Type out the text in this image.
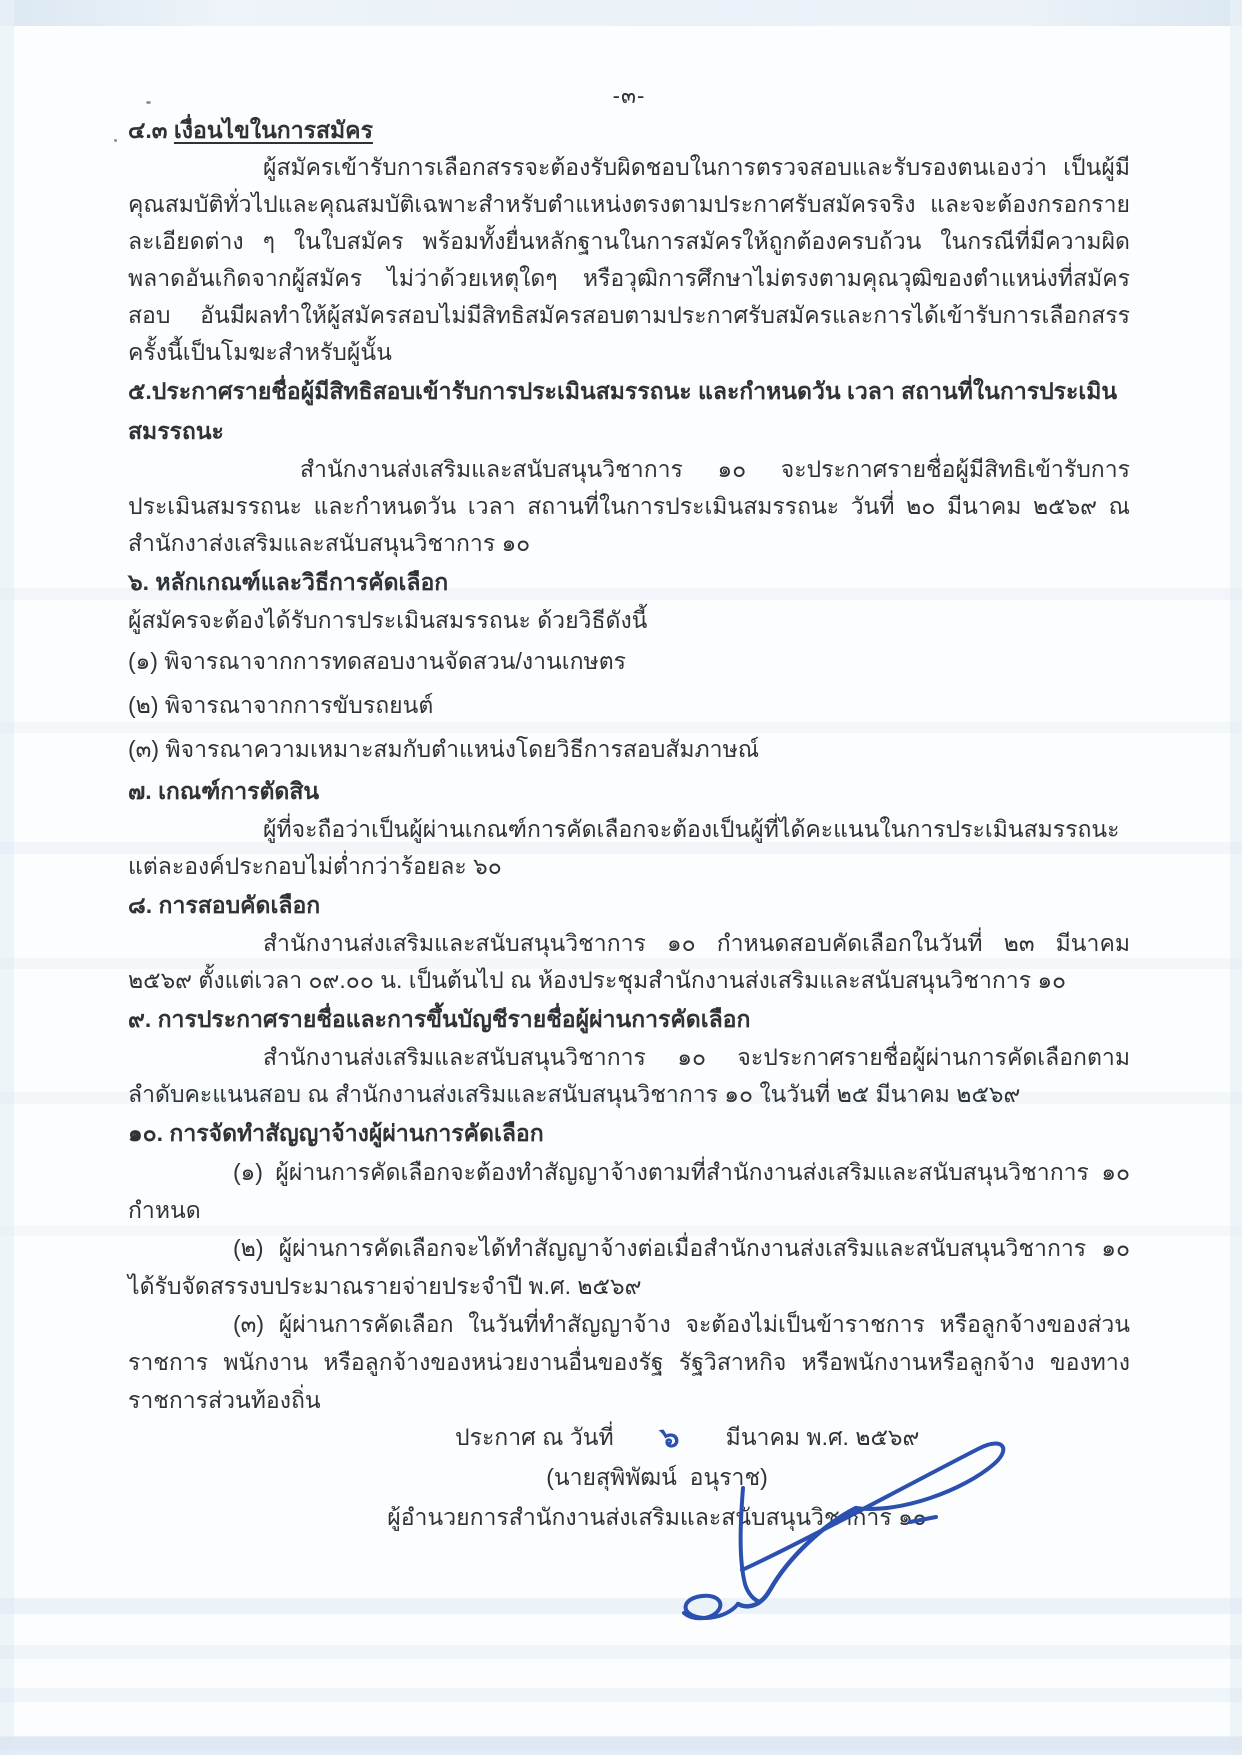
-๓-

๔.๓ เงื่อนไขในการสมัคร

ผู้สมัครเข้ารับการเลือกสรรจะต้องรับผิดชอบในการตรวจสอบและรับรองตนเองว่า เป็นผู้มีคุณสมบัติทั่วไปและคุณสมบัติเฉพาะสำหรับตำแหน่งตรงตามประกาศรับสมัครจริง และจะต้องกรอกรายละเอียดต่าง ๆ ในใบสมัคร พร้อมทั้งยื่นหลักฐานในการสมัครให้ถูกต้องครบถ้วน ในกรณีที่มีความผิดพลาดอันเกิดจากผู้สมัคร ไม่ว่าด้วยเหตุใดๆ หรือวุฒิการศึกษาไม่ตรงตามคุณวุฒิของตำแหน่งที่สมัครสอบ อันมีผลทำให้ผู้สมัครสอบไม่มีสิทธิสมัครสอบตามประกาศรับสมัครและการได้เข้ารับการเลือกสรรครั้งนี้เป็นโมฆะสำหรับผู้นั้น

๕.ประกาศรายชื่อผู้มีสิทธิสอบเข้ารับการประเมินสมรรถนะ และกำหนดวัน เวลา สถานที่ในการประเมินสมรรถนะ

สำนักงานส่งเสริมและสนับสนุนวิชาการ ๑๐ จะประกาศรายชื่อผู้มีสิทธิเข้ารับการประเมินสมรรถนะ และกำหนดวัน เวลา สถานที่ในการประเมินสมรรถนะ วันที่ ๒๐ มีนาคม ๒๕๖๙ ณ สำนักงาส่งเสริมและสนับสนุนวิชาการ ๑๐

๖. หลักเกณฑ์และวิธีการคัดเลือก

ผู้สมัครจะต้องได้รับการประเมินสมรรถนะ ด้วยวิธีดังนี้

(๑) พิจารณาจากการทดสอบงานจัดสวน/งานเกษตร

(๒) พิจารณาจากการขับรถยนต์

(๓) พิจารณาความเหมาะสมกับตำแหน่งโดยวิธีการสอบสัมภาษณ์

๗. เกณฑ์การตัดสิน

ผู้ที่จะถือว่าเป็นผู้ผ่านเกณฑ์การคัดเลือกจะต้องเป็นผู้ที่ได้คะแนนในการประเมินสมรรถนะแต่ละองค์ประกอบไม่ต่ำกว่าร้อยละ ๖๐

๘. การสอบคัดเลือก

สำนักงานส่งเสริมและสนับสนุนวิชาการ ๑๐ กำหนดสอบคัดเลือกในวันที่ ๒๓ มีนาคม ๒๕๖๙ ตั้งแต่เวลา ๐๙.๐๐ น. เป็นต้นไป ณ ห้องประชุมสำนักงานส่งเสริมและสนับสนุนวิชาการ ๑๐

๙. การประกาศรายชื่อและการขึ้นบัญชีรายชื่อผู้ผ่านการคัดเลือก

สำนักงานส่งเสริมและสนับสนุนวิชาการ ๑๐ จะประกาศรายชื่อผู้ผ่านการคัดเลือกตามลำดับคะแนนสอบ ณ สำนักงานส่งเสริมและสนับสนุนวิชาการ ๑๐ ในวันที่ ๒๕ มีนาคม ๒๕๖๙

๑๐. การจัดทำสัญญาจ้างผู้ผ่านการคัดเลือก

(๑) ผู้ผ่านการคัดเลือกจะต้องทำสัญญาจ้างตามที่สำนักงานส่งเสริมและสนับสนุนวิชาการ ๑๐ กำหนด

(๒) ผู้ผ่านการคัดเลือกจะได้ทำสัญญาจ้างต่อเมื่อสำนักงานส่งเสริมและสนับสนุนวิชาการ ๑๐ ได้รับจัดสรรงบประมาณรายจ่ายประจำปี พ.ศ. ๒๕๖๙

(๓) ผู้ผ่านการคัดเลือก ในวันที่ทำสัญญาจ้าง จะต้องไม่เป็นข้าราชการ หรือลูกจ้างของส่วนราชการ พนักงาน หรือลูกจ้างของหน่วยงานอื่นของรัฐ รัฐวิสาหกิจ หรือพนักงานหรือลูกจ้าง ของทางราชการส่วนท้องถิ่น

ประกาศ ณ วันที่ ๖ มีนาคม พ.ศ. ๒๕๖๙

(นายสุพิพัฒน์  อนุราช)

ผู้อำนวยการสำนักงานส่งเสริมและสนับสนุนวิชาการ ๑๐
